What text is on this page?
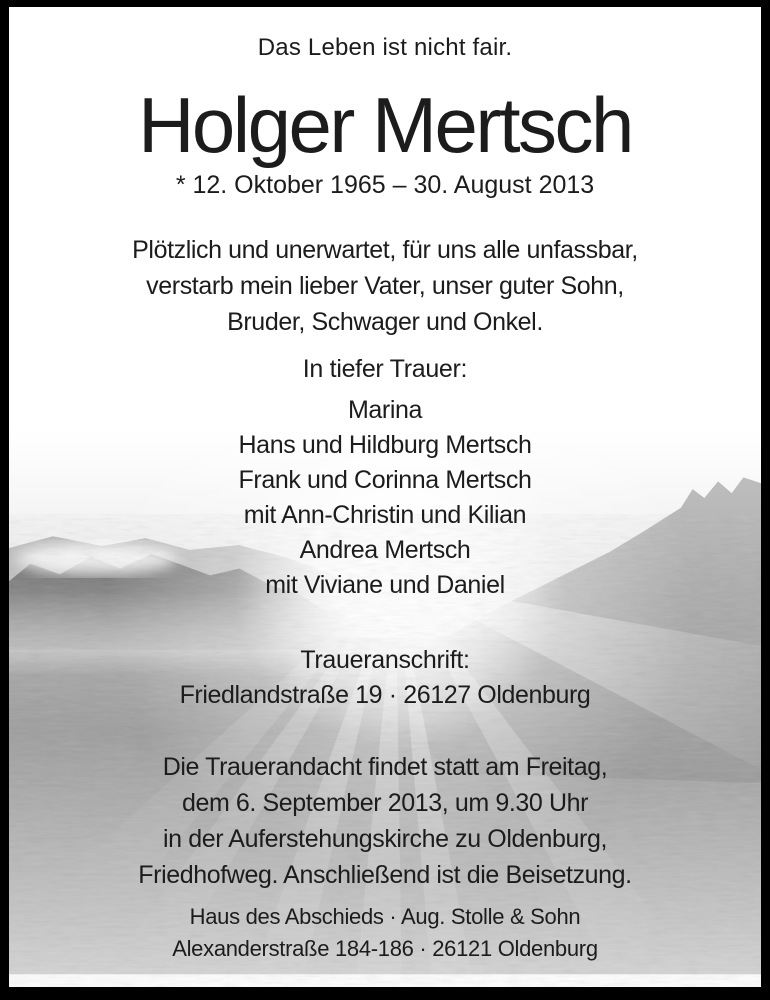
Das Leben ist nicht fair.
Holger Mertsch
* 12. Oktober 1965 – 30. August 2013
Plötzlich und unerwartet, für uns alle unfassbar,
verstarb mein lieber Vater, unser guter Sohn,
Bruder, Schwager und Onkel.
In tiefer Trauer:
Marina
Hans und Hildburg Mertsch
Frank und Corinna Mertsch
mit Ann-Christin und Kilian
Andrea Mertsch
mit Viviane und Daniel
Traueranschrift:
Friedlandstraße 19 · 26127 Oldenburg
Die Trauerandacht findet statt am Freitag,
dem 6. September 2013, um 9.30 Uhr
in der Auferstehungskirche zu Oldenburg,
Friedhofweg. Anschließend ist die Beisetzung.
Haus des Abschieds · Aug. Stolle & Sohn
Alexanderstraße 184-186 · 26121 Oldenburg
